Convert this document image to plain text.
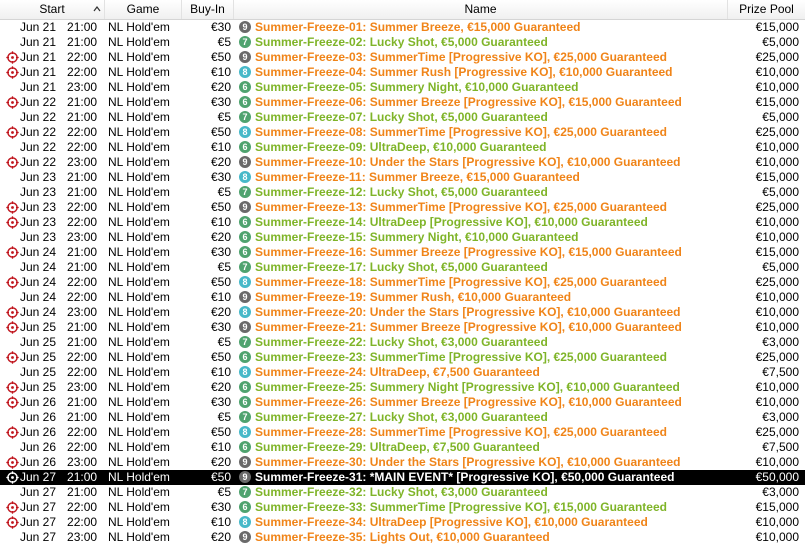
Start	Game	Buy-In	Name	Prize Pool
Jun 21 21:00 NL Hold'em	€30	9 Summer-Freeze-01: Summer Breeze, €15,000 Guaranteed	€15,000
Jun 21 21:00 NL Hold'em	€5	7 Summer-Freeze-02: Lucky Shot, €5,000 Guaranteed	€5,000
Jun 21 22:00 NL Hold'em	€50	9 Summer-Freeze-03: SummerTime [Progressive KO], €25,000 Guaranteed	€25,000
Jun 21 22:00 NL Hold'em	€10	8 Summer-Freeze-04: Summer Rush [Progressive KO], €10,000 Guaranteed	€10,000
Jun 21 23:00 NL Hold'em	€20	6 Summer-Freeze-05: Summery Night, €10,000 Guaranteed	€10,000
Jun 22 21:00 NL Hold'em	€30	6 Summer-Freeze-06: Summer Breeze [Progressive KO], €15,000 Guaranteed	€15,000
Jun 22 21:00 NL Hold'em	€5	7 Summer-Freeze-07: Lucky Shot, €5,000 Guaranteed	€5,000
Jun 22 22:00 NL Hold'em	€50	8 Summer-Freeze-08: SummerTime [Progressive KO], €25,000 Guaranteed	€25,000
Jun 22 22:00 NL Hold'em	€10	6 Summer-Freeze-09: UltraDeep, €10,000 Guaranteed	€10,000
Jun 22 23:00 NL Hold'em	€20	9 Summer-Freeze-10: Under the Stars [Progressive KO], €10,000 Guaranteed	€10,000
Jun 23 21:00 NL Hold'em	€30	8 Summer-Freeze-11: Summer Breeze, €15,000 Guaranteed	€15,000
Jun 23 21:00 NL Hold'em	€5	7 Summer-Freeze-12: Lucky Shot, €5,000 Guaranteed	€5,000
Jun 23 22:00 NL Hold'em	€50	9 Summer-Freeze-13: SummerTime [Progressive KO], €25,000 Guaranteed	€25,000
Jun 23 22:00 NL Hold'em	€10	6 Summer-Freeze-14: UltraDeep [Progressive KO], €10,000 Guaranteed	€10,000
Jun 23 23:00 NL Hold'em	€20	6 Summer-Freeze-15: Summery Night, €10,000 Guaranteed	€10,000
Jun 24 21:00 NL Hold'em	€30	6 Summer-Freeze-16: Summer Breeze [Progressive KO], €15,000 Guaranteed	€15,000
Jun 24 21:00 NL Hold'em	€5	7 Summer-Freeze-17: Lucky Shot, €5,000 Guaranteed	€5,000
Jun 24 22:00 NL Hold'em	€50	8 Summer-Freeze-18: SummerTime [Progressive KO], €25,000 Guaranteed	€25,000
Jun 24 22:00 NL Hold'em	€10	9 Summer-Freeze-19: Summer Rush, €10,000 Guaranteed	€10,000
Jun 24 23:00 NL Hold'em	€20	8 Summer-Freeze-20: Under the Stars [Progressive KO], €10,000 Guaranteed	€10,000
Jun 25 21:00 NL Hold'em	€30	9 Summer-Freeze-21: Summer Breeze [Progressive KO], €10,000 Guaranteed	€10,000
Jun 25 21:00 NL Hold'em	€5	7 Summer-Freeze-22: Lucky Shot, €3,000 Guaranteed	€3,000
Jun 25 22:00 NL Hold'em	€50	6 Summer-Freeze-23: SummerTime [Progressive KO], €25,000 Guaranteed	€25,000
Jun 25 22:00 NL Hold'em	€10	8 Summer-Freeze-24: UltraDeep, €7,500 Guaranteed	€7,500
Jun 25 23:00 NL Hold'em	€20	6 Summer-Freeze-25: Summery Night [Progressive KO], €10,000 Guaranteed	€10,000
Jun 26 21:00 NL Hold'em	€30	6 Summer-Freeze-26: Summer Breeze [Progressive KO], €10,000 Guaranteed	€10,000
Jun 26 21:00 NL Hold'em	€5	7 Summer-Freeze-27: Lucky Shot, €3,000 Guaranteed	€3,000
Jun 26 22:00 NL Hold'em	€50	8 Summer-Freeze-28: SummerTime [Progressive KO], €25,000 Guaranteed	€25,000
Jun 26 22:00 NL Hold'em	€10	6 Summer-Freeze-29: UltraDeep, €7,500 Guaranteed	€7,500
Jun 26 23:00 NL Hold'em	€20	9 Summer-Freeze-30: Under the Stars [Progressive KO], €10,000 Guaranteed	€10,000
Jun 27 21:00 NL Hold'em	€50	9 Summer-Freeze-31: *MAIN EVENT* [Progressive KO], €50,000 Guaranteed	€50,000
Jun 27 21:00 NL Hold'em	€5	7 Summer-Freeze-32: Lucky Shot, €3,000 Guaranteed	€3,000
Jun 27 22:00 NL Hold'em	€30	6 Summer-Freeze-33: SummerTime [Progressive KO], €15,000 Guaranteed	€15,000
Jun 27 22:00 NL Hold'em	€10	8 Summer-Freeze-34: UltraDeep [Progressive KO], €10,000 Guaranteed	€10,000
Jun 27 23:00 NL Hold'em	€20	9 Summer-Freeze-35: Lights Out, €10,000 Guaranteed	€10,000
